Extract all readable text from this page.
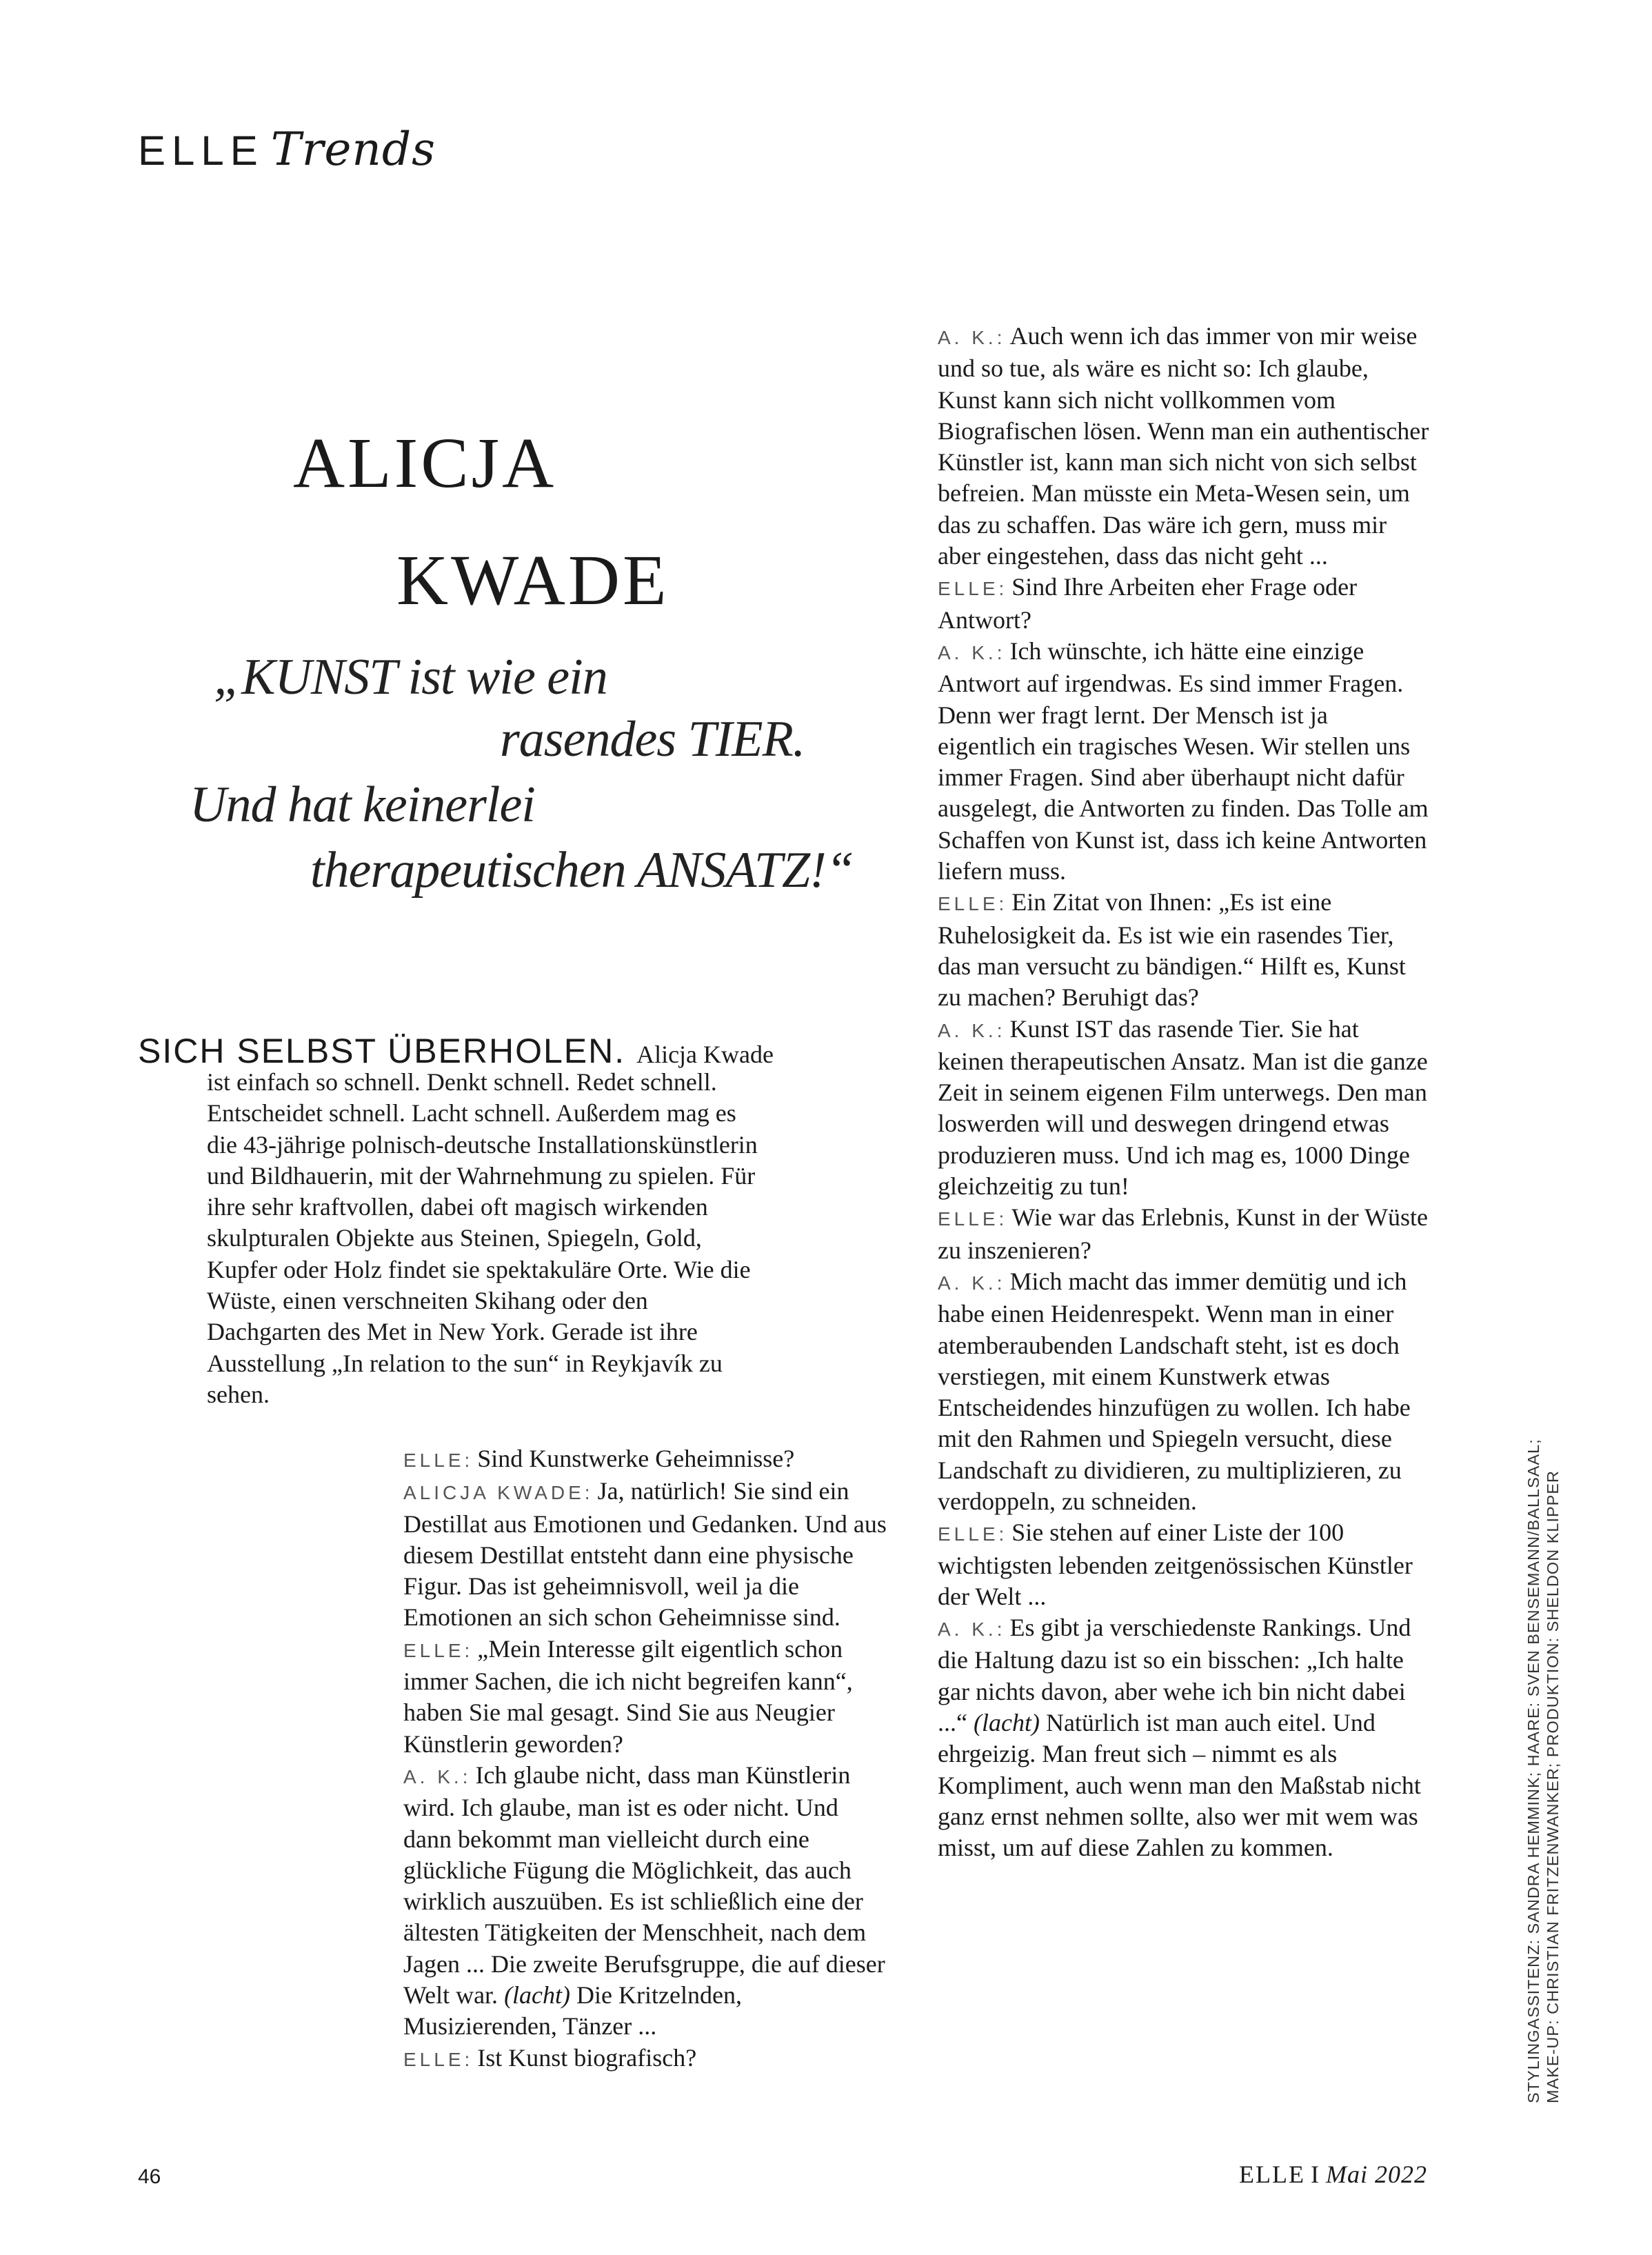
ELLE Trends
ALICJA
KWADE
„KUNST ist wie ein
rasendes TIER.
Und hat keinerlei
therapeutischen ANSATZ!“
SICH SELBST ÜBERHOLEN. Alicja Kwade
ist einfach so schnell. Denkt schnell. Redet schnell. Entscheidet schnell. Lacht schnell. Außerdem mag es die 43-jährige polnisch-deutsche Installationskünstlerin und Bildhauerin, mit der Wahrnehmung zu spielen. Für ihre sehr kraftvollen, dabei oft magisch wirkenden skulpturalen Objekte aus Steinen, Spiegeln, Gold, Kupfer oder Holz findet sie spektakuläre Orte. Wie die Wüste, einen verschneiten Skihang oder den Dachgarten des Met in New York. Gerade ist ihre Ausstellung „In relation to the sun“ in Reykjavík zu sehen.

ELLE: Sind Kunstwerke Geheimnisse?

ALICJA KWADE: Ja, natürlich! Sie sind ein Destillat aus Emotionen und Gedanken. Und aus diesem Destillat entsteht dann eine physische Figur. Das ist geheimnisvoll, weil ja die Emotionen an sich schon Geheimnisse sind.

ELLE: „Mein Interesse gilt eigentlich schon immer Sachen, die ich nicht begreifen kann“, haben Sie mal gesagt. Sind Sie aus Neugier Künstlerin geworden?

A. K.: Ich glaube nicht, dass man Künstlerin wird. Ich glaube, man ist es oder nicht. Und dann bekommt man vielleicht durch eine glückliche Fügung die Möglichkeit, das auch wirklich auszuüben. Es ist schließlich eine der ältesten Tätigkeiten der Menschheit, nach dem Jagen ... Die zweite Berufsgruppe, die auf dieser Welt war. (lacht) Die Kritzelnden, Musizierenden, Tänzer ...

ELLE: Ist Kunst biografisch?

A. K.: Auch wenn ich das immer von mir weise und so tue, als wäre es nicht so: Ich glaube, Kunst kann sich nicht vollkommen vom Biografischen lösen. Wenn man ein authentischer Künstler ist, kann man sich nicht von sich selbst befreien. Man müsste ein Meta-Wesen sein, um das zu schaffen. Das wäre ich gern, muss mir aber eingestehen, dass das nicht geht ...

ELLE: Sind Ihre Arbeiten eher Frage oder Antwort?

A. K.: Ich wünschte, ich hätte eine einzige Antwort auf irgendwas. Es sind immer Fragen. Denn wer fragt lernt. Der Mensch ist ja eigentlich ein tragisches Wesen. Wir stellen uns immer Fragen. Sind aber überhaupt nicht dafür ausgelegt, die Antworten zu finden. Das Tolle am Schaffen von Kunst ist, dass ich keine Antworten liefern muss.

ELLE: Ein Zitat von Ihnen: „Es ist eine Ruhelosigkeit da. Es ist wie ein rasendes Tier, das man versucht zu bändigen.“ Hilft es, Kunst zu machen? Beruhigt das?

A. K.: Kunst IST das rasende Tier. Sie hat keinen therapeutischen Ansatz. Man ist die ganze Zeit in seinem eigenen Film unterwegs. Den man loswerden will und deswegen dringend etwas produzieren muss. Und ich mag es, 1000 Dinge gleichzeitig zu tun!

ELLE: Wie war das Erlebnis, Kunst in der Wüste zu inszenieren?

A. K.: Mich macht das immer demütig und ich habe einen Heidenrespekt. Wenn man in einer atemberaubenden Landschaft steht, ist es doch verstiegen, mit einem Kunstwerk etwas Entscheidendes hinzufügen zu wollen. Ich habe mit den Rahmen und Spiegeln versucht, diese Landschaft zu dividieren, zu multiplizieren, zu verdoppeln, zu schneiden.

ELLE: Sie stehen auf einer Liste der 100 wichtigsten lebenden zeitgenössischen Künstler der Welt ...

A. K.: Es gibt ja verschiedenste Rankings. Und die Haltung dazu ist so ein bisschen: „Ich halte gar nichts davon, aber wehe ich bin nicht dabei ...“ (lacht) Natürlich ist man auch eitel. Und ehrgeizig. Man freut sich – nimmt es als Kompliment, auch wenn man den Maßstab nicht ganz ernst nehmen sollte, also wer mit wem was misst, um auf diese Zahlen zu kommen.	STYLINGASSITENZ: SANDRA HEMMINK; HAARE: SVEN BENSEMANN/BALLSAAL; MAKE-UP: CHRISTIAN FRITZENWANKER; PRODUKTION: SHELDON KLIPPER
46	ELLE I Mai 2022
